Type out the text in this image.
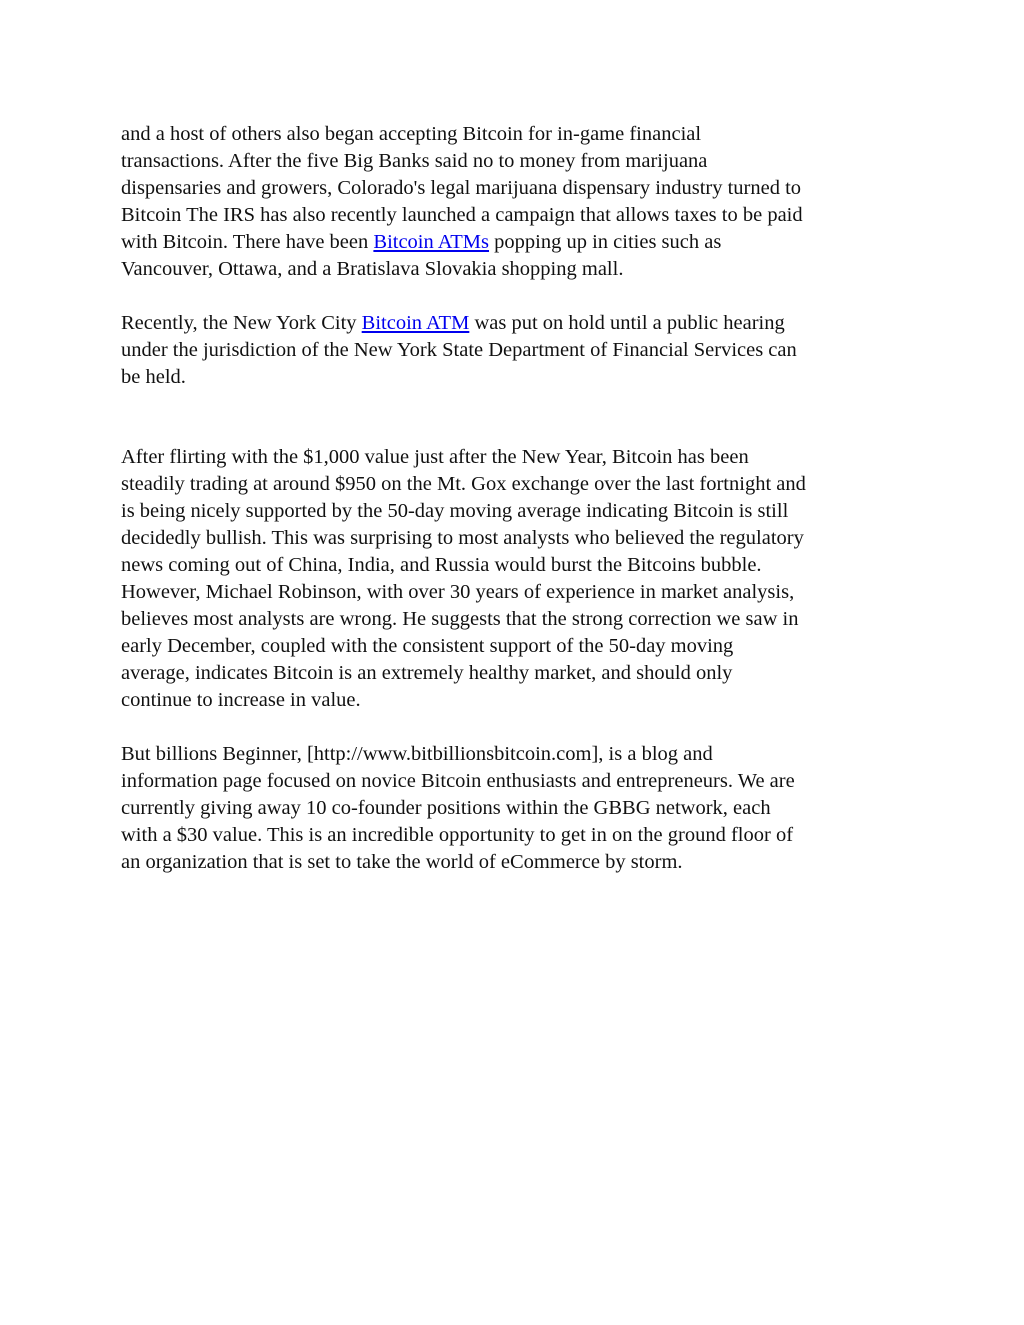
and a host of others also began accepting Bitcoin for in-game financial
transactions. After the five Big Banks said no to money from marijuana
dispensaries and growers, Colorado's legal marijuana dispensary industry turned to
Bitcoin The IRS has also recently launched a campaign that allows taxes to be paid
with Bitcoin. There have been Bitcoin ATMs popping up in cities such as
Vancouver, Ottawa, and a Bratislava Slovakia shopping mall.

Recently, the New York City Bitcoin ATM was put on hold until a public hearing
under the jurisdiction of the New York State Department of Financial Services can
be held.

After flirting with the $1,000 value just after the New Year, Bitcoin has been
steadily trading at around $950 on the Mt. Gox exchange over the last fortnight and
is being nicely supported by the 50-day moving average indicating Bitcoin is still
decidedly bullish. This was surprising to most analysts who believed the regulatory
news coming out of China, India, and Russia would burst the Bitcoins bubble.
However, Michael Robinson, with over 30 years of experience in market analysis,
believes most analysts are wrong. He suggests that the strong correction we saw in
early December, coupled with the consistent support of the 50-day moving
average, indicates Bitcoin is an extremely healthy market, and should only
continue to increase in value.

But billions Beginner, [http://www.bitbillionsbitcoin.com], is a blog and
information page focused on novice Bitcoin enthusiasts and entrepreneurs. We are
currently giving away 10 co-founder positions within the GBBG network, each
with a $30 value. This is an incredible opportunity to get in on the ground floor of
an organization that is set to take the world of eCommerce by storm.
